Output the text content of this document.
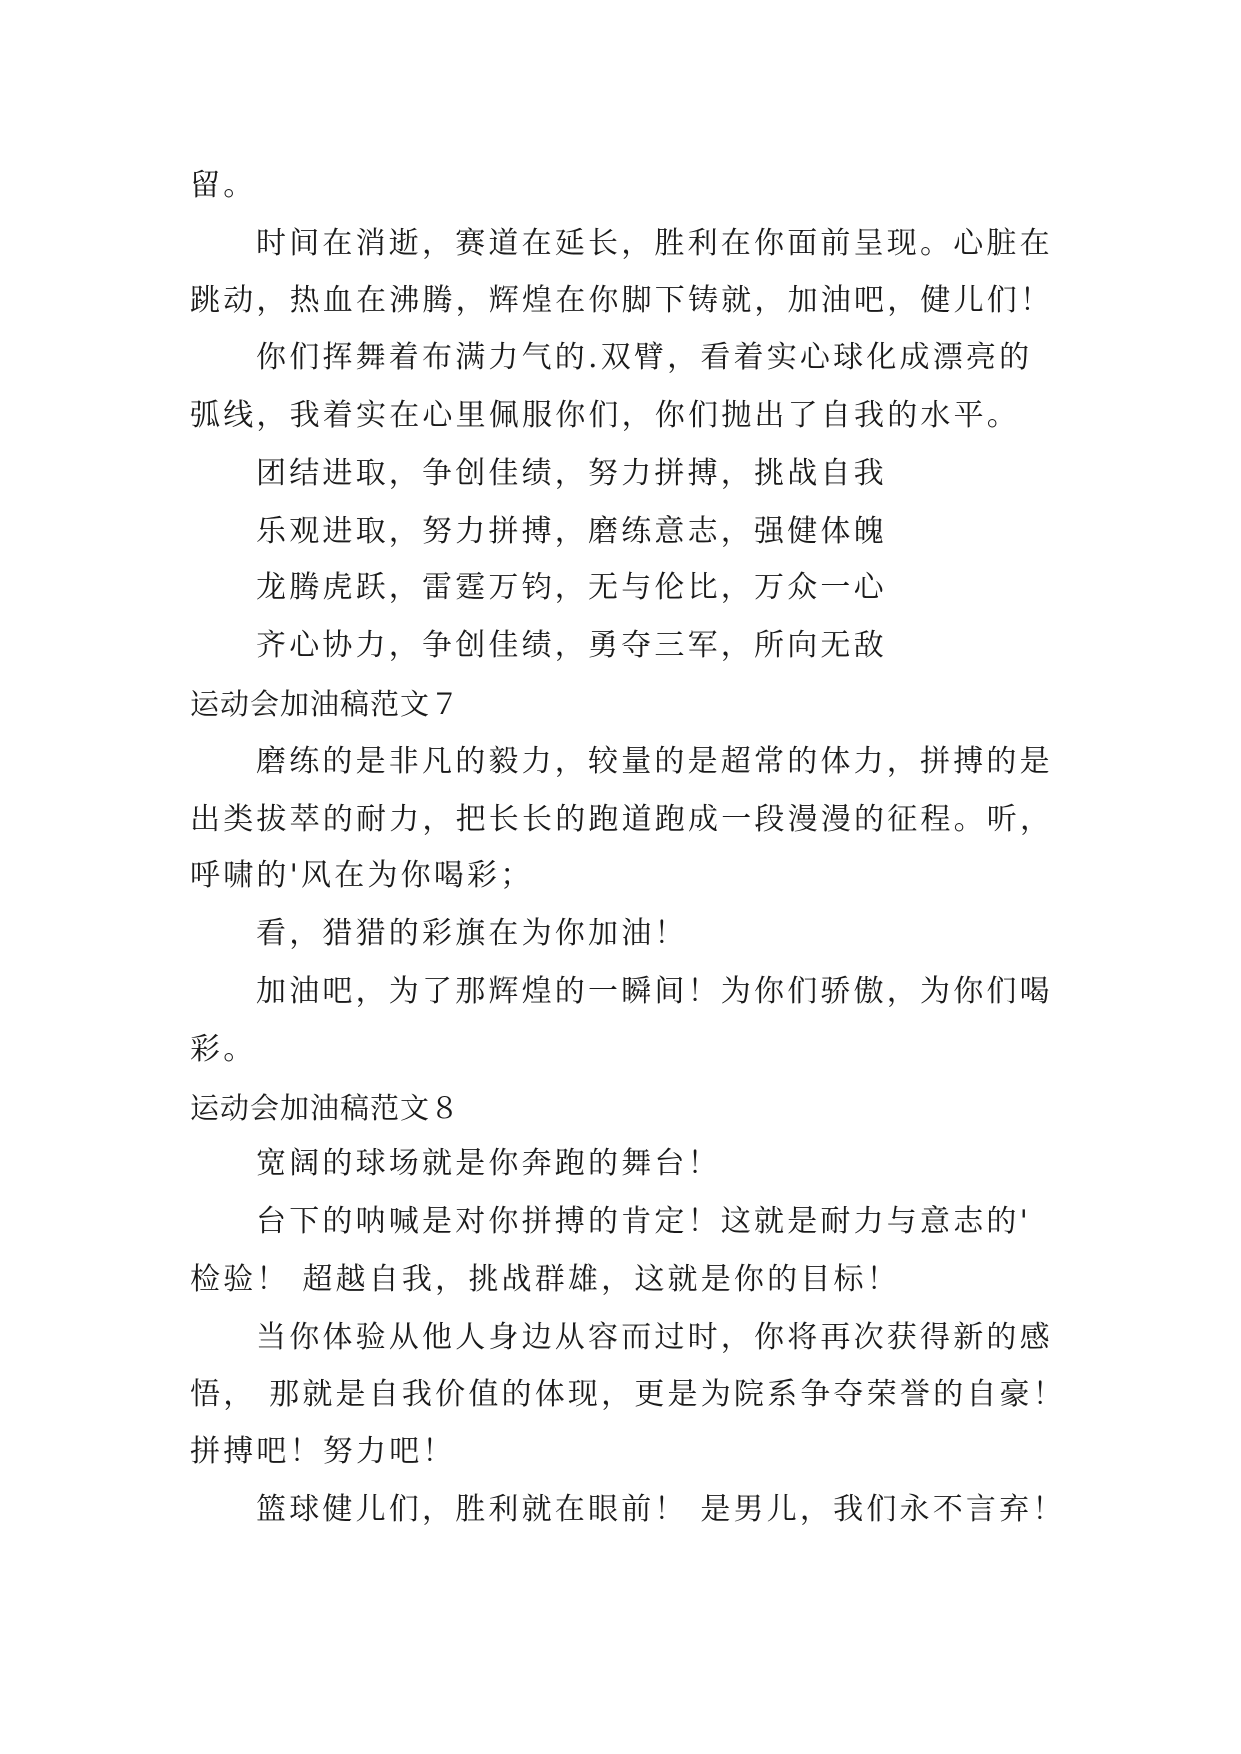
留。
时间在消逝，赛道在延长，胜利在你面前呈现。心脏在
跳动，热血在沸腾，辉煌在你脚下铸就，加油吧，健儿们！
你们挥舞着布满力气的.双臂，看着实心球化成漂亮的
弧线，我着实在心里佩服你们，你们抛出了自我的水平。
团结进取，争创佳绩，努力拼搏，挑战自我
乐观进取，努力拼搏，磨练意志，强健体魄
龙腾虎跃，雷霆万钧，无与伦比，万众一心
齐心协力，争创佳绩，勇夺三军，所向无敌
运动会加油稿范文７
磨练的是非凡的毅力，较量的是超常的体力，拼搏的是
出类拔萃的耐力，把长长的跑道跑成一段漫漫的征程。听，
呼啸的'风在为你喝彩；
看，猎猎的彩旗在为你加油！
加油吧，为了那辉煌的一瞬间！为你们骄傲，为你们喝
彩。
运动会加油稿范文８
宽阔的球场就是你奔跑的舞台！
台下的呐喊是对你拼搏的肯定！这就是耐力与意志的'
检验！ 超越自我，挑战群雄，这就是你的目标！
当你体验从他人身边从容而过时，你将再次获得新的感
悟， 那就是自我价值的体现，更是为院系争夺荣誉的自豪！
拼搏吧！努力吧！
篮球健儿们，胜利就在眼前！ 是男儿，我们永不言弃！
